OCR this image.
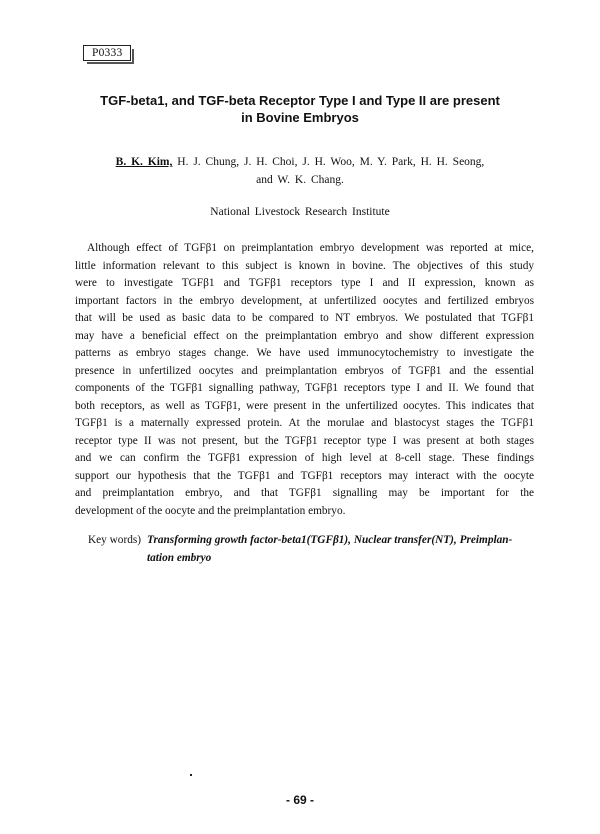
P0333
TGF-beta1, and TGF-beta Receptor Type I and Type II are present
in Bovine Embryos
B. K. Kim, H. J. Chung, J. H. Choi, J. H. Woo, M. Y. Park, H. H. Seong,
and W. K. Chang.
National Livestock Research Institute
Although effect of TGFβ1 on preimplantation embryo development was reported at mice,
little information relevant to this subject is known in bovine. The objectives of this study
were to investigate TGFβ1 and TGFβ1 receptors type I and II expression, known as
important factors in the embryo development, at unfertilized oocytes and fertilized embryos
that will be used as basic data to be compared to NT embryos. We postulated that TGFβ1
may have a beneficial effect on the preimplantation embryo and show different expression
patterns as embryo stages change. We have used immunocytochemistry to investigate the
presence in unfertilized oocytes and preimplantation embryos of TGFβ1 and the essential
components of the TGFβ1 signalling pathway, TGFβ1 receptors type I and II. We found that
both receptors, as well as TGFβ1, were present in the unfertilized oocytes. This indicates that
TGFβ1 is a maternally expressed protein. At the morulae and blastocyst stages the TGFβ1
receptor type II was not present, but the TGFβ1 receptor type I was present at both stages
and we can confirm the TGFβ1 expression of high level at 8-cell stage. These findings
support our hypothesis that the TGFβ1 and TGFβ1 receptors may interact with the oocyte
and preimplantation embryo, and that TGFβ1 signalling may be important for the
development of the oocyte and the preimplantation embryo.
Key words) Transforming growth factor-beta1(TGFβ1), Nuclear transfer(NT), Preimplan-
tation embryo
- 69 -
